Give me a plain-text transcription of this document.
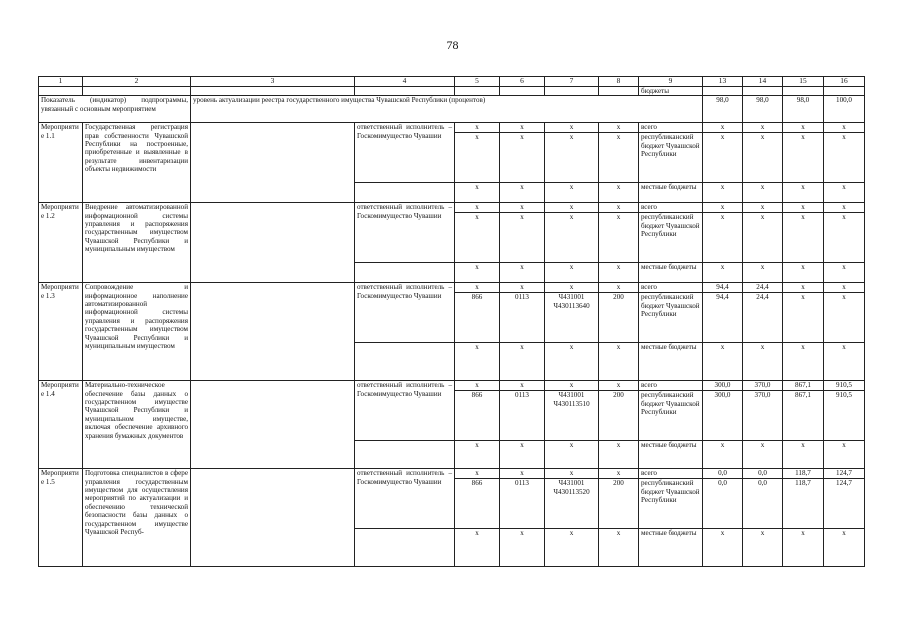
78
1	2	3	4	5	6	7	8	9	13	14	15	16
								бюджеты				
Показатель (индикатор) подпрограммы, увязанный с основным мероприятием		уровень актуализации реестра государственного имущества Чувашской Республики (процентов)							98,0	98,0	98,0	100,0
Мероприятие 1.1	Государственная регистрация прав собственности Чувашской Республики на построенные, приобретенные и выявленные в результате инвентаризации объекты недвижимости		ответственный исполнитель – Госкомимущество Чувашии	x	x	x	x	всего	x	x	x	x
				x	x	x	x	республиканский бюджет Чувашской Республики	x	x	x	x
				x	x	x	x	местные бюджеты	x	x	x	x
Мероприятие 1.2	Внедрение автоматизированной информационной системы управления и распоряжения государственным имуществом Чувашской Республики и муниципальным имуществом		ответственный исполнитель – Госкомимущество Чувашии	x	x	x	x	всего	x	x	x	x
				x	x	x	x	республиканский бюджет Чувашской Республики	x	x	x	x
				x	x	x	x	местные бюджеты	x	x	x	x
Мероприятие 1.3	Сопровождение и информационное наполнение автоматизированной информационной системы управления и распоряжения государственным имуществом Чувашской Республики и муниципальным имуществом		ответственный исполнитель – Госкомимущество Чувашии	x	x	x	x	всего	94,4	24,4	x	x
				866	0113	Ч431001 Ч430113640	200	республиканский бюджет Чувашской Республики	94,4	24,4	x	x
				x	x	x	x	местные бюджеты	x	x	x	x
Мероприятие 1.4	Материально-техническое обеспечение базы данных о государственном имуществе Чувашской Республики и муниципальном имуществе, включая обеспечение архивного хранения бумажных документов		ответственный исполнитель – Госкомимущество Чувашии	x	x	x	x	всего	300,0	370,0	867,1	910,5
				866	0113	Ч431001 Ч430113510	200	республиканский бюджет Чувашской Республики	300,0	370,0	867,1	910,5
				x	x	x	x	местные бюджеты	x	x	x	x
Мероприятие 1.5	Подготовка специалистов в сфере управления государственным имуществом для осуществления мероприятий по актуализации и обеспечению технической безопасности базы данных о государственном имуществе Чувашской Респуб-		ответственный исполнитель – Госкомимущество Чувашии	x	x	x	x	всего	0,0	0,0	118,7	124,7
				866	0113	Ч431001 Ч430113520	200	республиканский бюджет Чувашской Республики	0,0	0,0	118,7	124,7
				x	x	x	x	местные бюджеты	x	x	x	x
